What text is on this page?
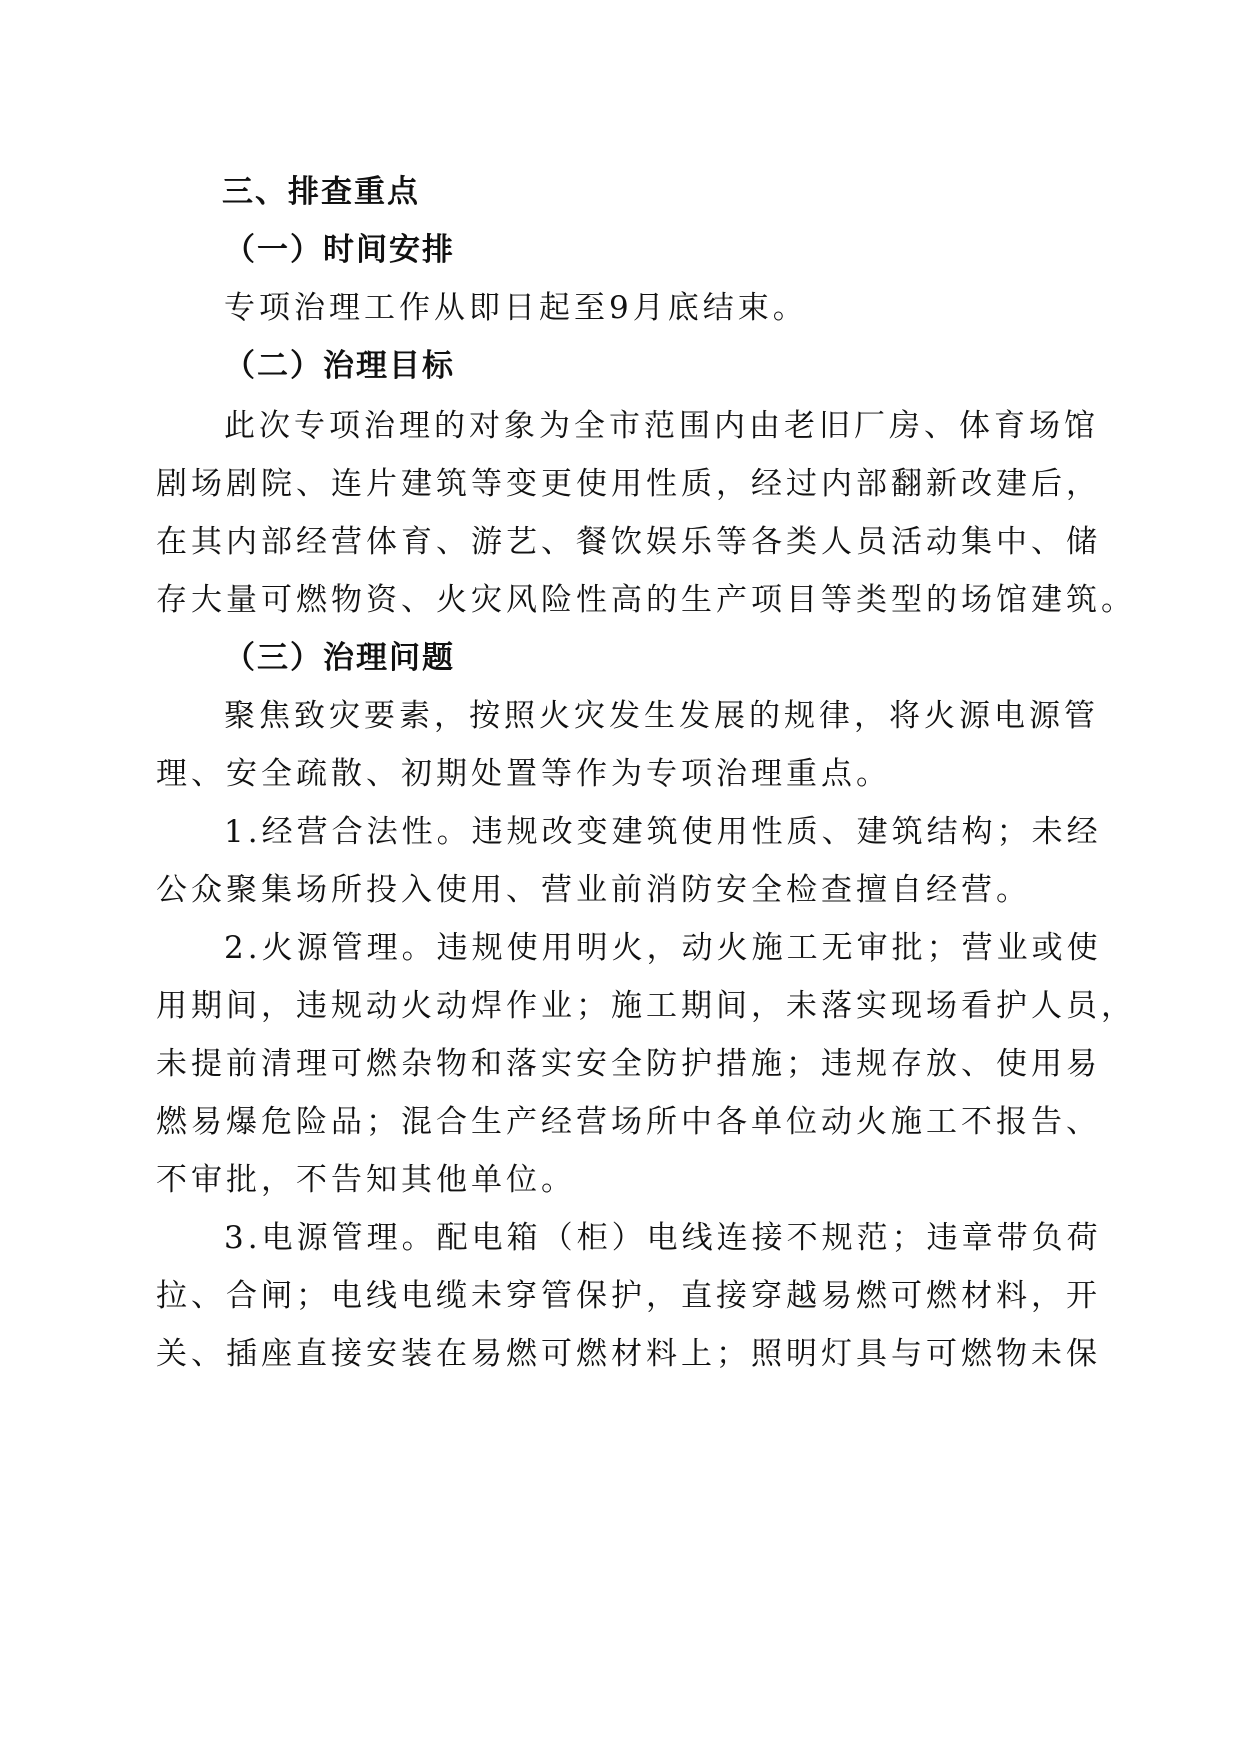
三、排查重点
（一）时间安排
专项治理工作从即日起至9月底结束。
（二）治理目标
此次专项治理的对象为全市范围内由老旧厂房、体育场馆
剧场剧院、连片建筑等变更使用性质，经过内部翻新改建后，
在其内部经营体育、游艺、餐饮娱乐等各类人员活动集中、储
存大量可燃物资、火灾风险性高的生产项目等类型的场馆建筑。
（三）治理问题
聚焦致灾要素，按照火灾发生发展的规律，将火源电源管
理、安全疏散、初期处置等作为专项治理重点。
1.经营合法性。违规改变建筑使用性质、建筑结构；未经
公众聚集场所投入使用、营业前消防安全检查擅自经营。
2.火源管理。违规使用明火，动火施工无审批；营业或使
用期间，违规动火动焊作业；施工期间，未落实现场看护人员，
未提前清理可燃杂物和落实安全防护措施；违规存放、使用易
燃易爆危险品；混合生产经营场所中各单位动火施工不报告、
不审批，不告知其他单位。
3.电源管理。配电箱（柜）电线连接不规范；违章带负荷
拉、合闸；电线电缆未穿管保护，直接穿越易燃可燃材料，开
关、插座直接安装在易燃可燃材料上；照明灯具与可燃物未保
